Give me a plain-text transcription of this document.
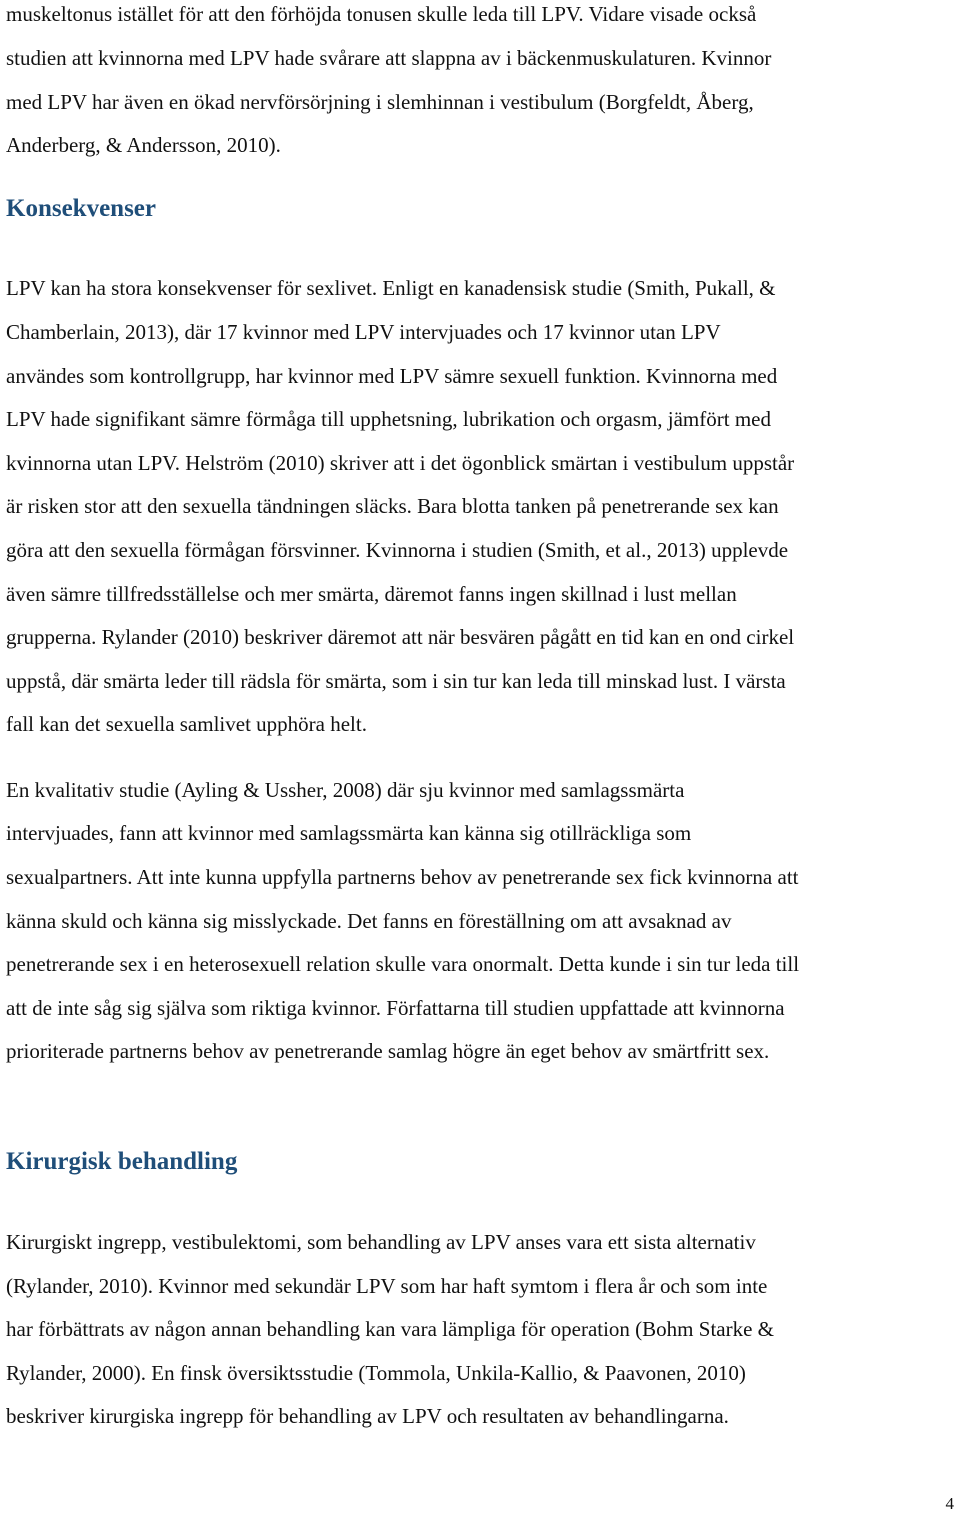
muskeltonus istället för att den förhöjda tonusen skulle leda till LPV. Vidare visade också
studien att kvinnorna med LPV hade svårare att slappna av i bäckenmuskulaturen. Kvinnor
med LPV har även en ökad nervförsörjning i slemhinnan i vestibulum (Borgfeldt, Åberg,
Anderberg, & Andersson, 2010).
Konsekvenser
LPV kan ha stora konsekvenser för sexlivet. Enligt en kanadensisk studie (Smith, Pukall, &
Chamberlain, 2013), där 17 kvinnor med LPV intervjuades och 17 kvinnor utan LPV
användes som kontrollgrupp, har kvinnor med LPV sämre sexuell funktion. Kvinnorna med
LPV hade signifikant sämre förmåga till upphetsning, lubrikation och orgasm, jämfört med
kvinnorna utan LPV. Helström (2010) skriver att i det ögonblick smärtan i vestibulum uppstår
är risken stor att den sexuella tändningen släcks. Bara blotta tanken på penetrerande sex kan
göra att den sexuella förmågan försvinner. Kvinnorna i studien (Smith, et al., 2013) upplevde
även sämre tillfredsställelse och mer smärta, däremot fanns ingen skillnad i lust mellan
grupperna. Rylander (2010) beskriver däremot att när besvären pågått en tid kan en ond cirkel
uppstå, där smärta leder till rädsla för smärta, som i sin tur kan leda till minskad lust. I värsta
fall kan det sexuella samlivet upphöra helt.
En kvalitativ studie (Ayling & Ussher, 2008) där sju kvinnor med samlagssmärta
intervjuades, fann att kvinnor med samlagssmärta kan känna sig otillräckliga som
sexualpartners. Att inte kunna uppfylla partnerns behov av penetrerande sex fick kvinnorna att
känna skuld och känna sig misslyckade. Det fanns en föreställning om att avsaknad av
penetrerande sex i en heterosexuell relation skulle vara onormalt. Detta kunde i sin tur leda till
att de inte såg sig själva som riktiga kvinnor. Författarna till studien uppfattade att kvinnorna
prioriterade partnerns behov av penetrerande samlag högre än eget behov av smärtfritt sex.
Kirurgisk behandling
Kirurgiskt ingrepp, vestibulektomi, som behandling av LPV anses vara ett sista alternativ
(Rylander, 2010). Kvinnor med sekundär LPV som har haft symtom i flera år och som inte
har förbättrats av någon annan behandling kan vara lämpliga för operation (Bohm Starke &
Rylander, 2000). En finsk översiktsstudie (Tommola, Unkila-Kallio, & Paavonen, 2010)
beskriver kirurgiska ingrepp för behandling av LPV och resultaten av behandlingarna.
4
